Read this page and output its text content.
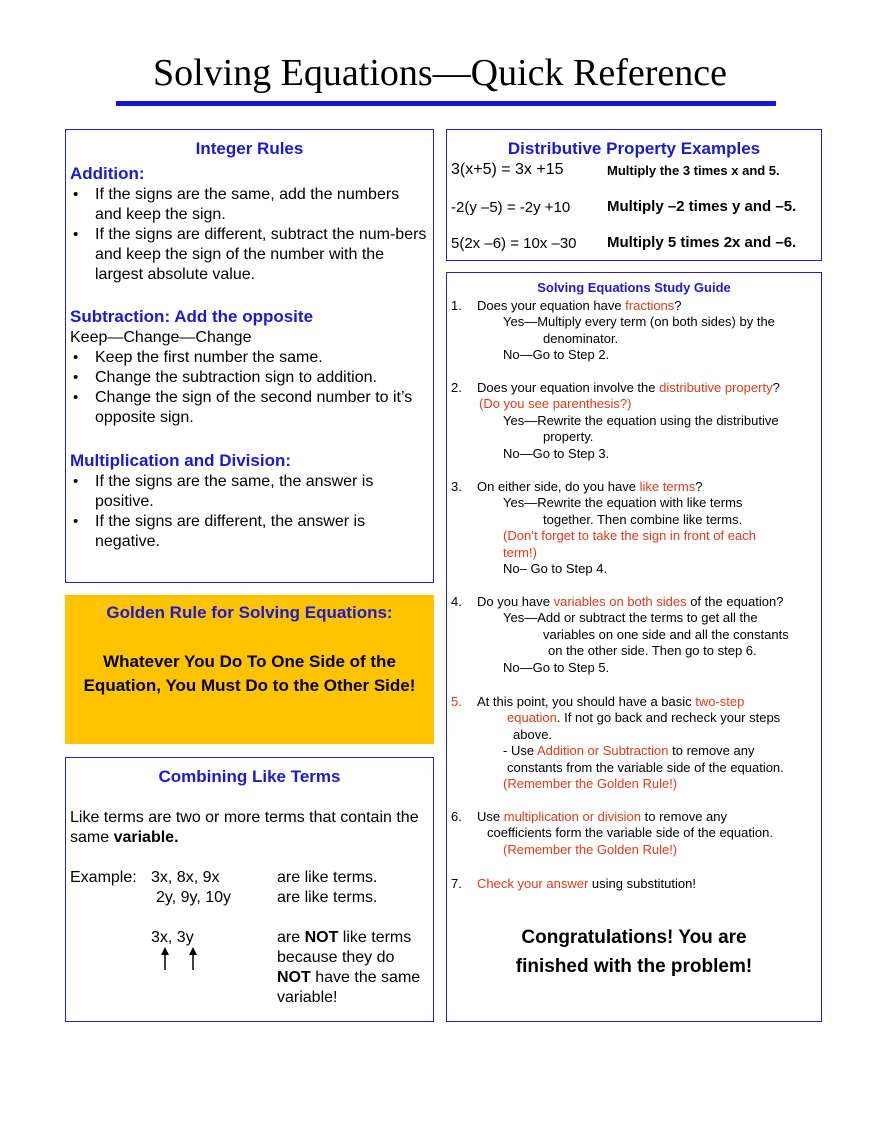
Solving Equations—Quick Reference
Integer Rules
Addition:
• If the signs are the same, add the numbers and keep the sign.
• If the signs are different, subtract the num-bers and keep the sign of the number with the largest absolute value.
Subtraction: Add the opposite
Keep—Change—Change
• Keep the first number the same.
• Change the subtraction sign to addition.
• Change the sign of the second number to it’s opposite sign.
Multiplication and Division:
• If the signs are the same, the answer is positive.
• If the signs are different, the answer is negative.
Golden Rule for Solving Equations:
Whatever You Do To One Side of the Equation, You Must Do to the Other Side!
Combining Like Terms

Like terms are two or more terms that contain the same variable.

Example: 3x, 8x, 9x	are like terms.
2y, 9y, 10y	are like terms.
3x, 3y	are NOT like terms because they do NOT have the same variable!

Distributive Property Examples
3(x+5) = 3x +15	Multiply the 3 times x and 5.
-2(y –5) = -2y +10 Multiply –2 times y and –5.
5(2x –6) = 10x –30 Multiply 5 times 2x and –6.
Solving Equations Study Guide
1. Does your equation have fractions?
Yes—Multiply every term (on both sides) by the
denominator.
No—Go to Step 2.
2. Does your equation involve the distributive property?
(Do you see parenthesis?)
Yes—Rewrite the equation using the distributive
property.
No—Go to Step 3.
3. On either side, do you have like terms?
Yes—Rewrite the equation with like terms
together. Then combine like terms.
(Don’t forget to take the sign in front of each
term!)
No– Go to Step 4.
4. Do you have variables on both sides of the equation?
Yes—Add or subtract the terms to get all the
variables on one side and all the constants
on the other side. Then go to step 6.
No—Go to Step 5.
5. At this point, you should have a basic two-step
equation. If not go back and recheck your steps
above.
- Use Addition or Subtraction to remove any
constants from the variable side of the equation.
(Remember the Golden Rule!)
6. Use multiplication or division to remove any
coefficients form the variable side of the equation.
(Remember the Golden Rule!)
7. Check your answer using substitution!
Congratulations! You are
finished with the problem!
